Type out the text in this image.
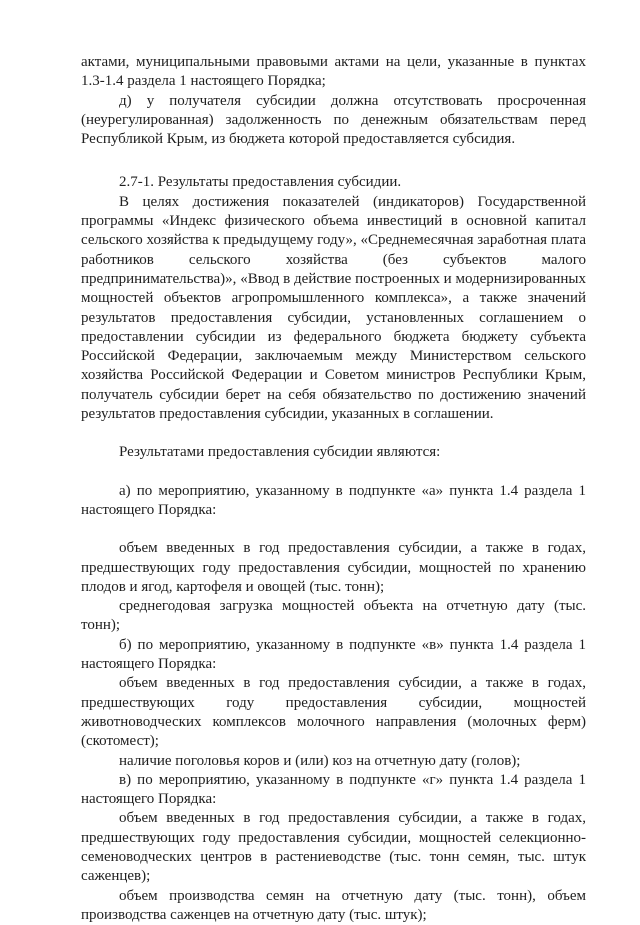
актами, муниципальными правовыми актами на цели, указанные в пунктах 1.3-1.4 раздела 1 настоящего Порядка;

д) у получателя субсидии должна отсутствовать просроченная (неурегулированная) задолженность по денежным обязательствам перед Республикой Крым, из бюджета которой предоставляется субсидия.

2.7-1. Результаты предоставления субсидии.

В целях достижения показателей (индикаторов) Государственной программы «Индекс физического объема инвестиций в основной капитал сельского хозяйства к предыдущему году», «Среднемесячная заработная плата работников сельского хозяйства (без субъектов малого предпринимательства)», «Ввод в действие построенных и модернизированных мощностей объектов агропромышленного комплекса», а также значений результатов предоставления субсидии, установленных соглашением о предоставлении субсидии из федерального бюджета бюджету субъекта Российской Федерации, заключаемым между Министерством сельского хозяйства Российской Федерации и Советом министров Республики Крым, получатель субсидии берет на себя обязательство по достижению значений результатов предоставления субсидии, указанных в соглашении.

Результатами предоставления субсидии являются:

а) по мероприятию, указанному в подпункте «а» пункта 1.4 раздела 1 настоящего Порядка:

объем введенных в год предоставления субсидии, а также в годах, предшествующих году предоставления субсидии, мощностей по хранению плодов и ягод, картофеля и овощей (тыс. тонн);

среднегодовая загрузка мощностей объекта на отчетную дату (тыс. тонн);

б) по мероприятию, указанному в подпункте «в» пункта 1.4 раздела 1 настоящего Порядка:

объем введенных в год предоставления субсидии, а также в годах, предшествующих году предоставления субсидии, мощностей животноводческих комплексов молочного направления (молочных ферм) (скотомест);

наличие поголовья коров и (или) коз на отчетную дату (голов);

в) по мероприятию, указанному в подпункте «г» пункта 1.4 раздела 1 настоящего Порядка:

объем введенных в год предоставления субсидии, а также в годах, предшествующих году предоставления субсидии, мощностей селекционно-семеноводческих центров в растениеводстве (тыс. тонн семян, тыс. штук саженцев);

объем производства семян на отчетную дату (тыс. тонн), объем производства саженцев на отчетную дату (тыс. штук);
